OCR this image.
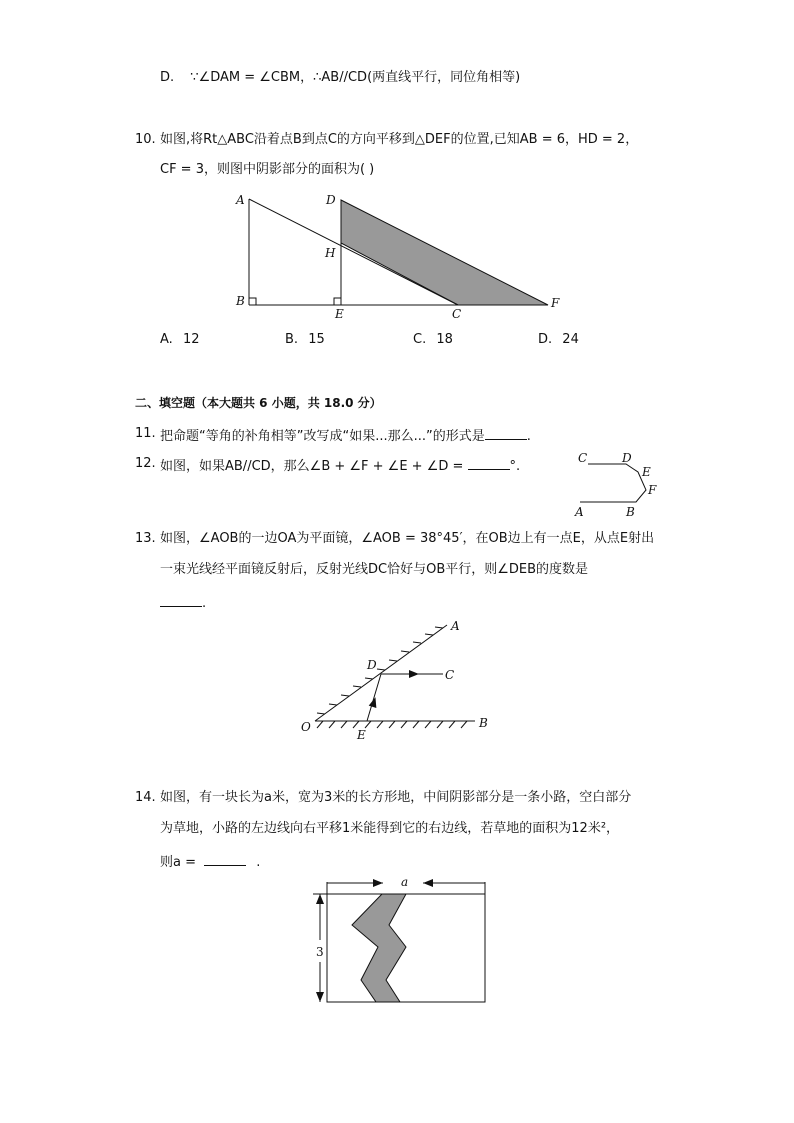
D. ∵∠DAM = ∠CBM，∴AB//CD(两直线平行，同位角相等)
10. 如图,将Rt△ABC沿着点B到点C的方向平移到△DEF的位置,已知AB = 6，HD = 2，
CF = 3，则图中阴影部分的面积为( )
A
B
D
H
E	C
F
A. 12	B. 15	C. 18	D. 24
二、填空题（本大题共 6 小题，共 18.0 分）
11. 把命题“等角的补角相等”改写成“如果...那么...”的形式是	.
12. 如图，如果AB//CD，那么∠B + ∠F + ∠E + ∠D =	°.
C	D
E
F
A	B
13. 如图，∠AOB的一边OA为平面镜，∠AOB = 38°45′，在OB边上有一点E，从点E射出
一束光线经平面镜反射后，反射光线DC恰好与OB平行，则∠DEB的度数是
.
A
B
C
D
E
O
14. 如图，有一块长为a米，宽为3米的长方形地，中间阴影部分是一条小路，空白部分
为草地，小路的左边线向右平移1米能得到它的右边线，若草地的面积为12米²，
则a =	.
a
3
